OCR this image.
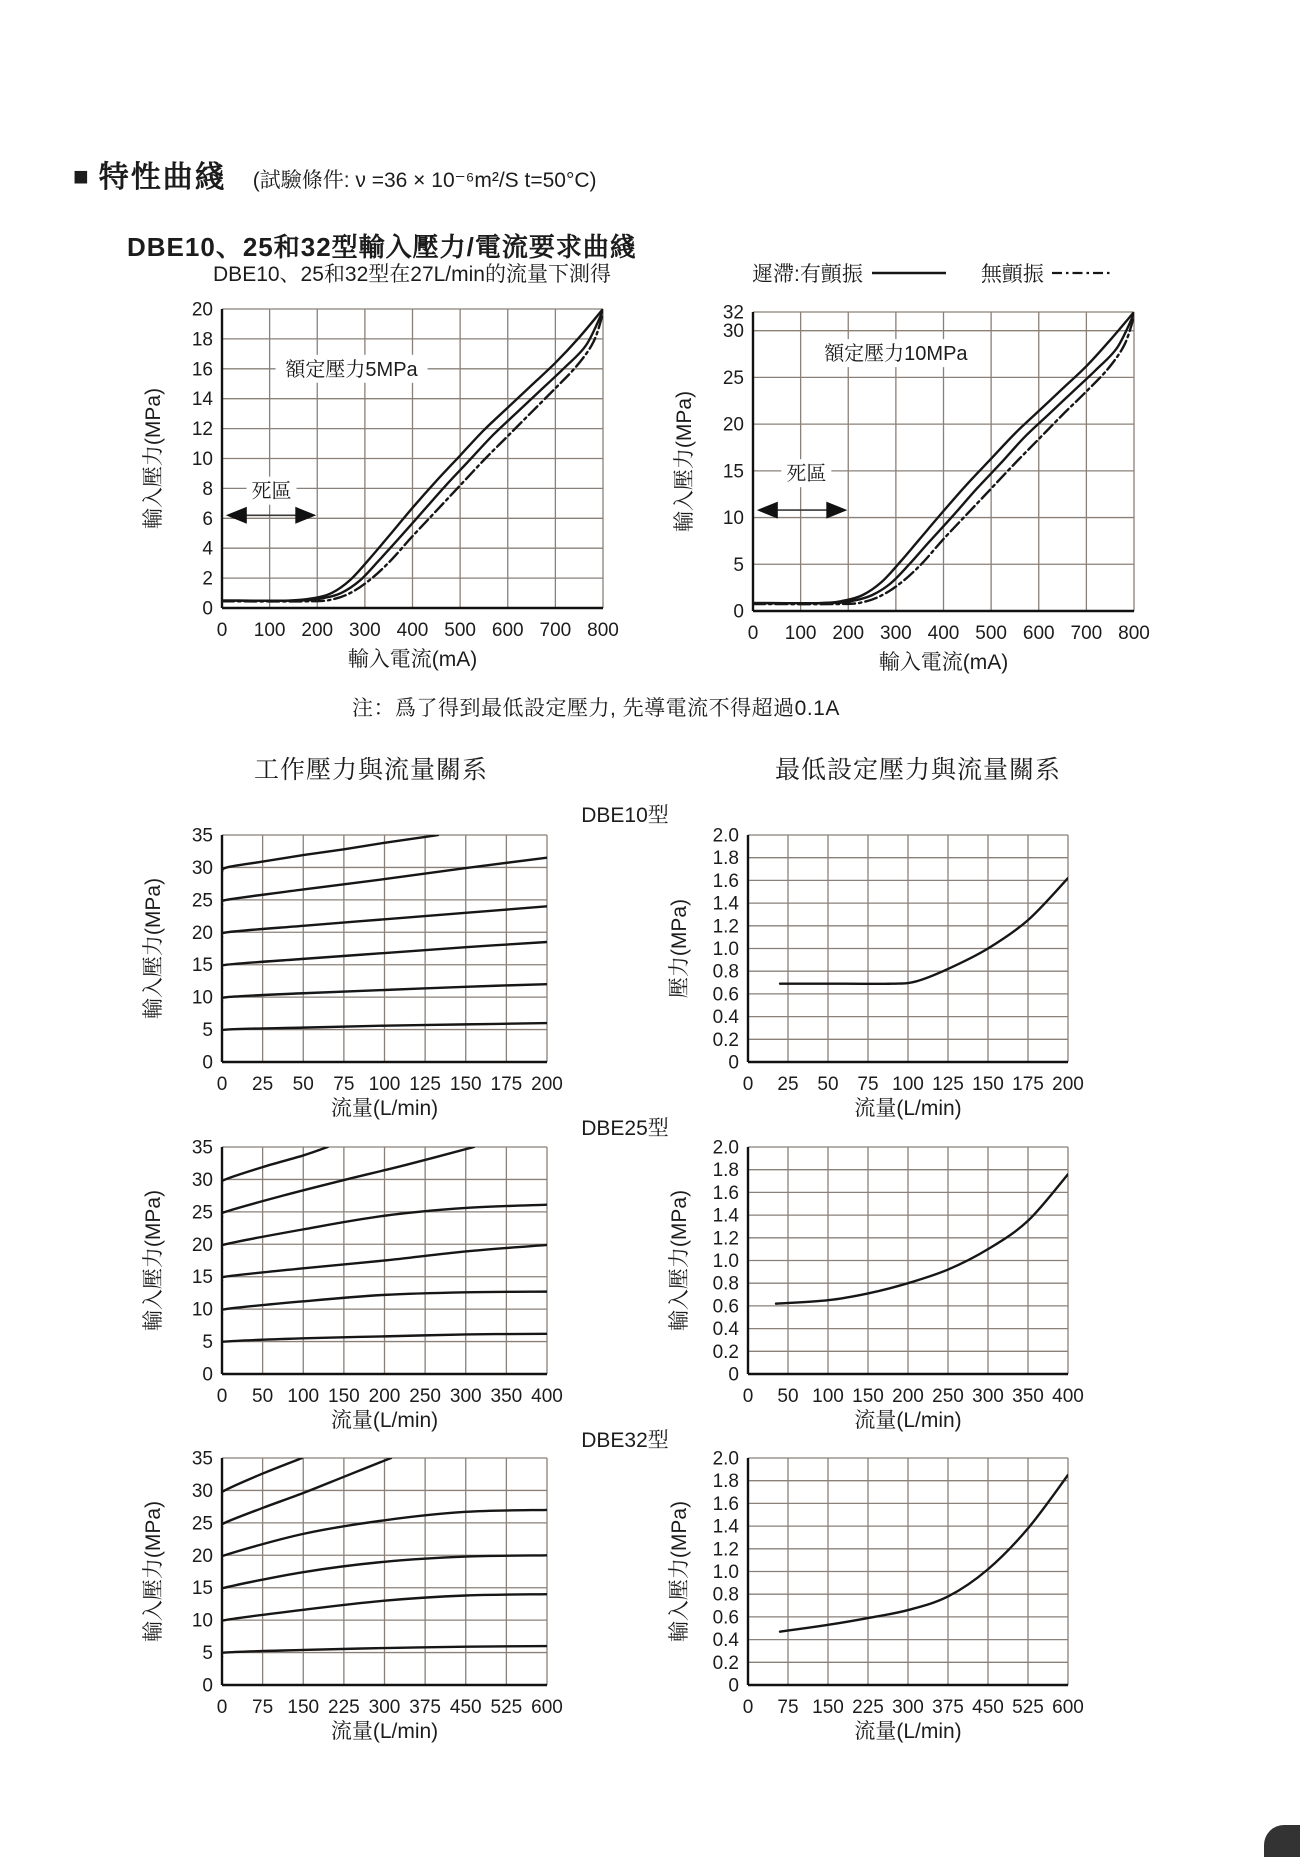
■ 特性曲綫 (試驗條件: ν =36 × 10⁻⁶m²/S t=50°C)
DBE10、25和32型輸入壓力/電流要求曲綫
DBE10、25和32型在27L/min的流量下測得	遲滯:有顫振	無顫振
額定壓力5MPa
死區
0
2
4
6
8
10
12
14
16
18
20
0 100 200 300 400 500 600 700 800
輸入壓力(MPa)
輸入電流(mA)
額定壓力10MPa
死區
0
5
10
15
20
25
30
32
0 100 200 300 400 500 600 700 800
輸入壓力(MPa)
輸入電流(mA)
注：爲了得到最低設定壓力, 先導電流不得超過0.1A
工作壓力與流量關系	最低設定壓力與流量關系
DBE10型
0
5
10
15
20
25
30
35
0 25 50 75 100 125 150 175 200
輸入壓力(MPa)
流量(L/min)
0
0.2
0.4
0.6
0.8
1.0
1.2
1.4
1.6
1.8
2.0
0 25 50 75 100 125 150 175 200
壓力(MPa)
流量(L/min)
DBE25型
0
5
10
15
20
25
30
35
0 50 100 150 200 250 300 350 400
輸入壓力(MPa)
流量(L/min)
0
0.2
0.4
0.6
0.8
1.0
1.2
1.4
1.6
1.8
2.0
0 50 100 150 200 250 300 350 400
輸入壓力(MPa)
流量(L/min)
DBE32型
0
5
10
15
20
25
30
35
0 75 150 225 300 375 450 525 600
輸入壓力(MPa)
流量(L/min)
0
0.2
0.4
0.6
0.8
1.0
1.2
1.4
1.6
1.8
2.0
0 75 150 225 300 375 450 525 600
輸入壓力(MPa)
流量(L/min)
